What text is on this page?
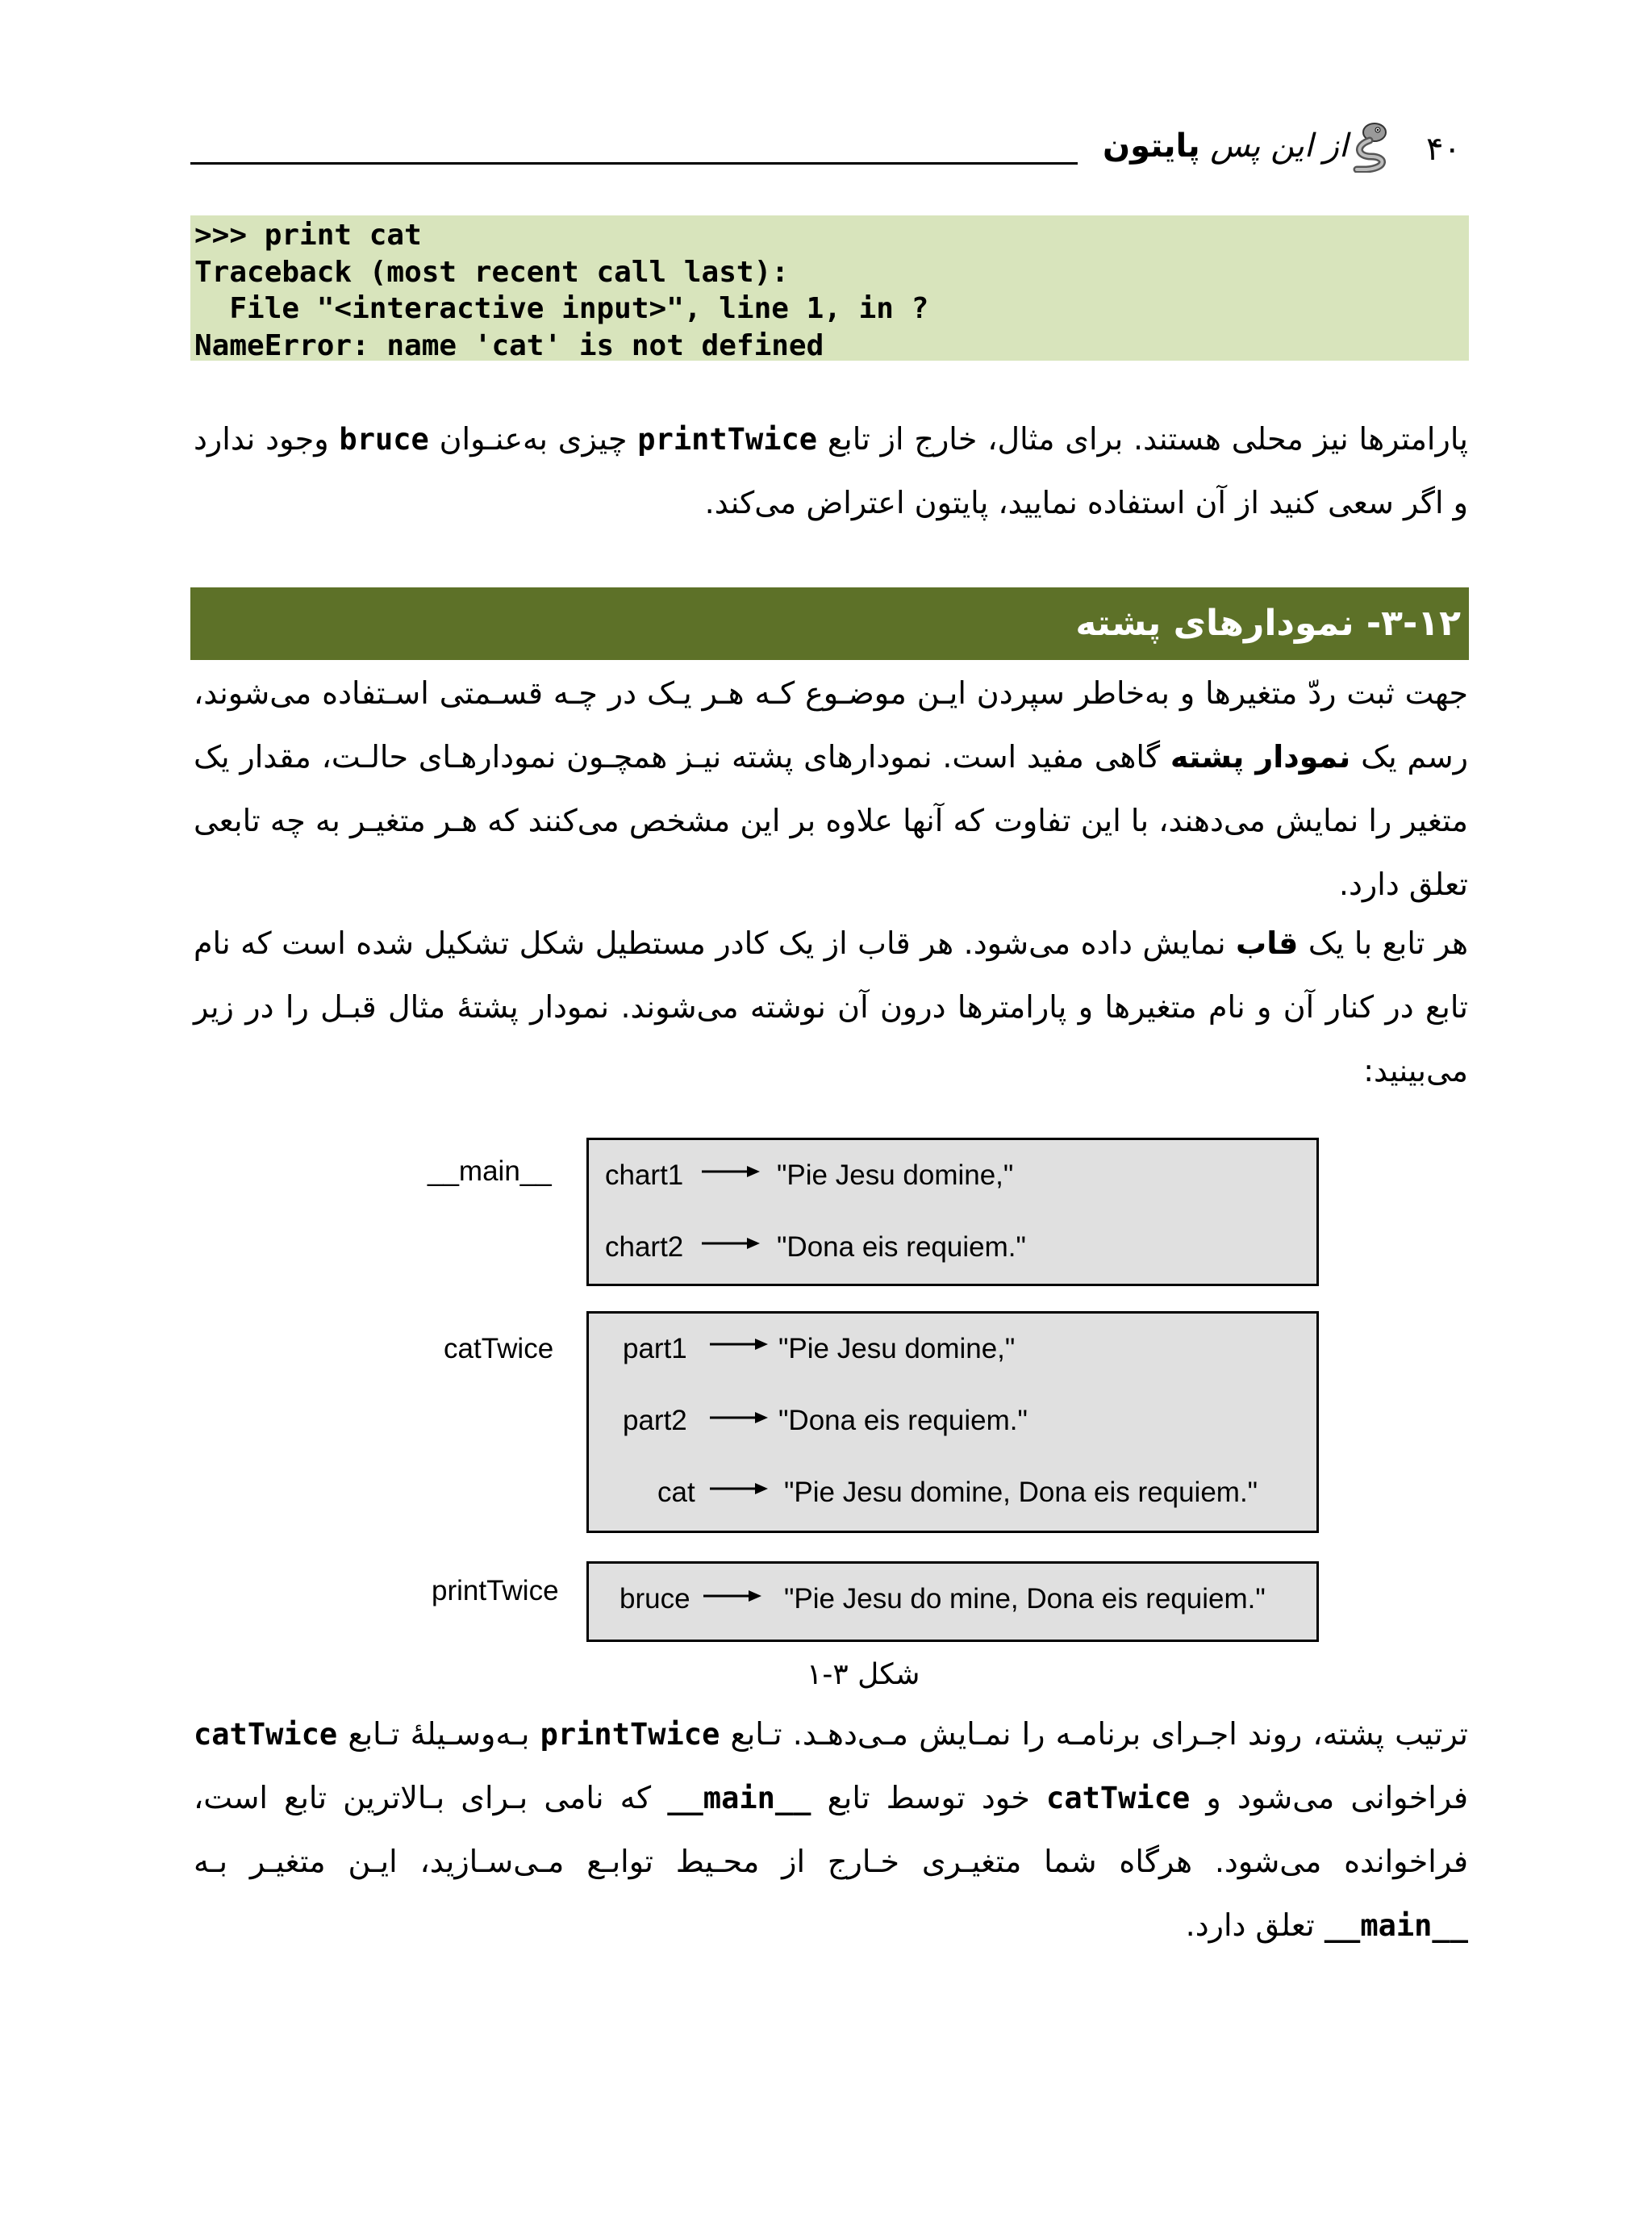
از این پس پایتون	۴۰
>>> print cat
Traceback (most recent call last):
File "<interactive input>", line 1, in ?
NameError: name 'cat' is not defined
پارامترها نیز محلی هستند. برای مثال، خارج از تابع printTwice چیزی به‌عنـوان bruce وجود ندارد و اگر سعی کنید از آن استفاده نمایید، پایتون اعتراض می‌کند.
۳-۱۲- نمودارهای پشته
جهت ثبت ردّ متغیرها و به‌خاطر سپردن ایـن موضـوع کـه هـر یـک در چـه قسـمتی اسـتفاده می‌شوند، رسم یک نمودار پشته گاهی مفید است. نمودارهای پشته نیـز همچـون نمودارهـای حالـت، مقدار یک متغیر را نمایش می‌دهند، با این تفاوت که آنها علاوه بر این مشخص می‌کنند که هـر متغیـر به چه تابعی تعلق دارد.
هر تابع با یک قاب نمایش داده می‌شود. هر قاب از یک کادر مستطیل شکل تشکیل شده است که نام تابع در کنار آن و نام متغیرها و پارامترها درون آن نوشته می‌شوند. نمودار پشتهٔ مثال قبـل را در زیر می‌بینید:
__main__ chart1	"Pie Jesu domine,"
chart2	"Dona eis requiem."
catTwice part1	"Pie Jesu domine,"
part2	"Dona eis requiem."
cat	"Pie Jesu domine, Dona eis requiem."
printTwice bruce	"Pie Jesu do mine, Dona eis requiem."
شکل ۳-۱
ترتیب پشته، روند اجـرای برنامـه را نمـایش مـی‌دهـد. تـابع printTwice بـه‌وسـیلهٔ تـابع catTwice فراخوانی می‌شود و catTwice خود توسط تابع __main__ که نامی بـرای بـالاترین تابع است، فراخوانده می‌شود. هرگاه شما متغیـری خـارج از محـیط توابـع مـی‌سـازید، ایـن متغیـر بـه __main__ تعلق دارد.
